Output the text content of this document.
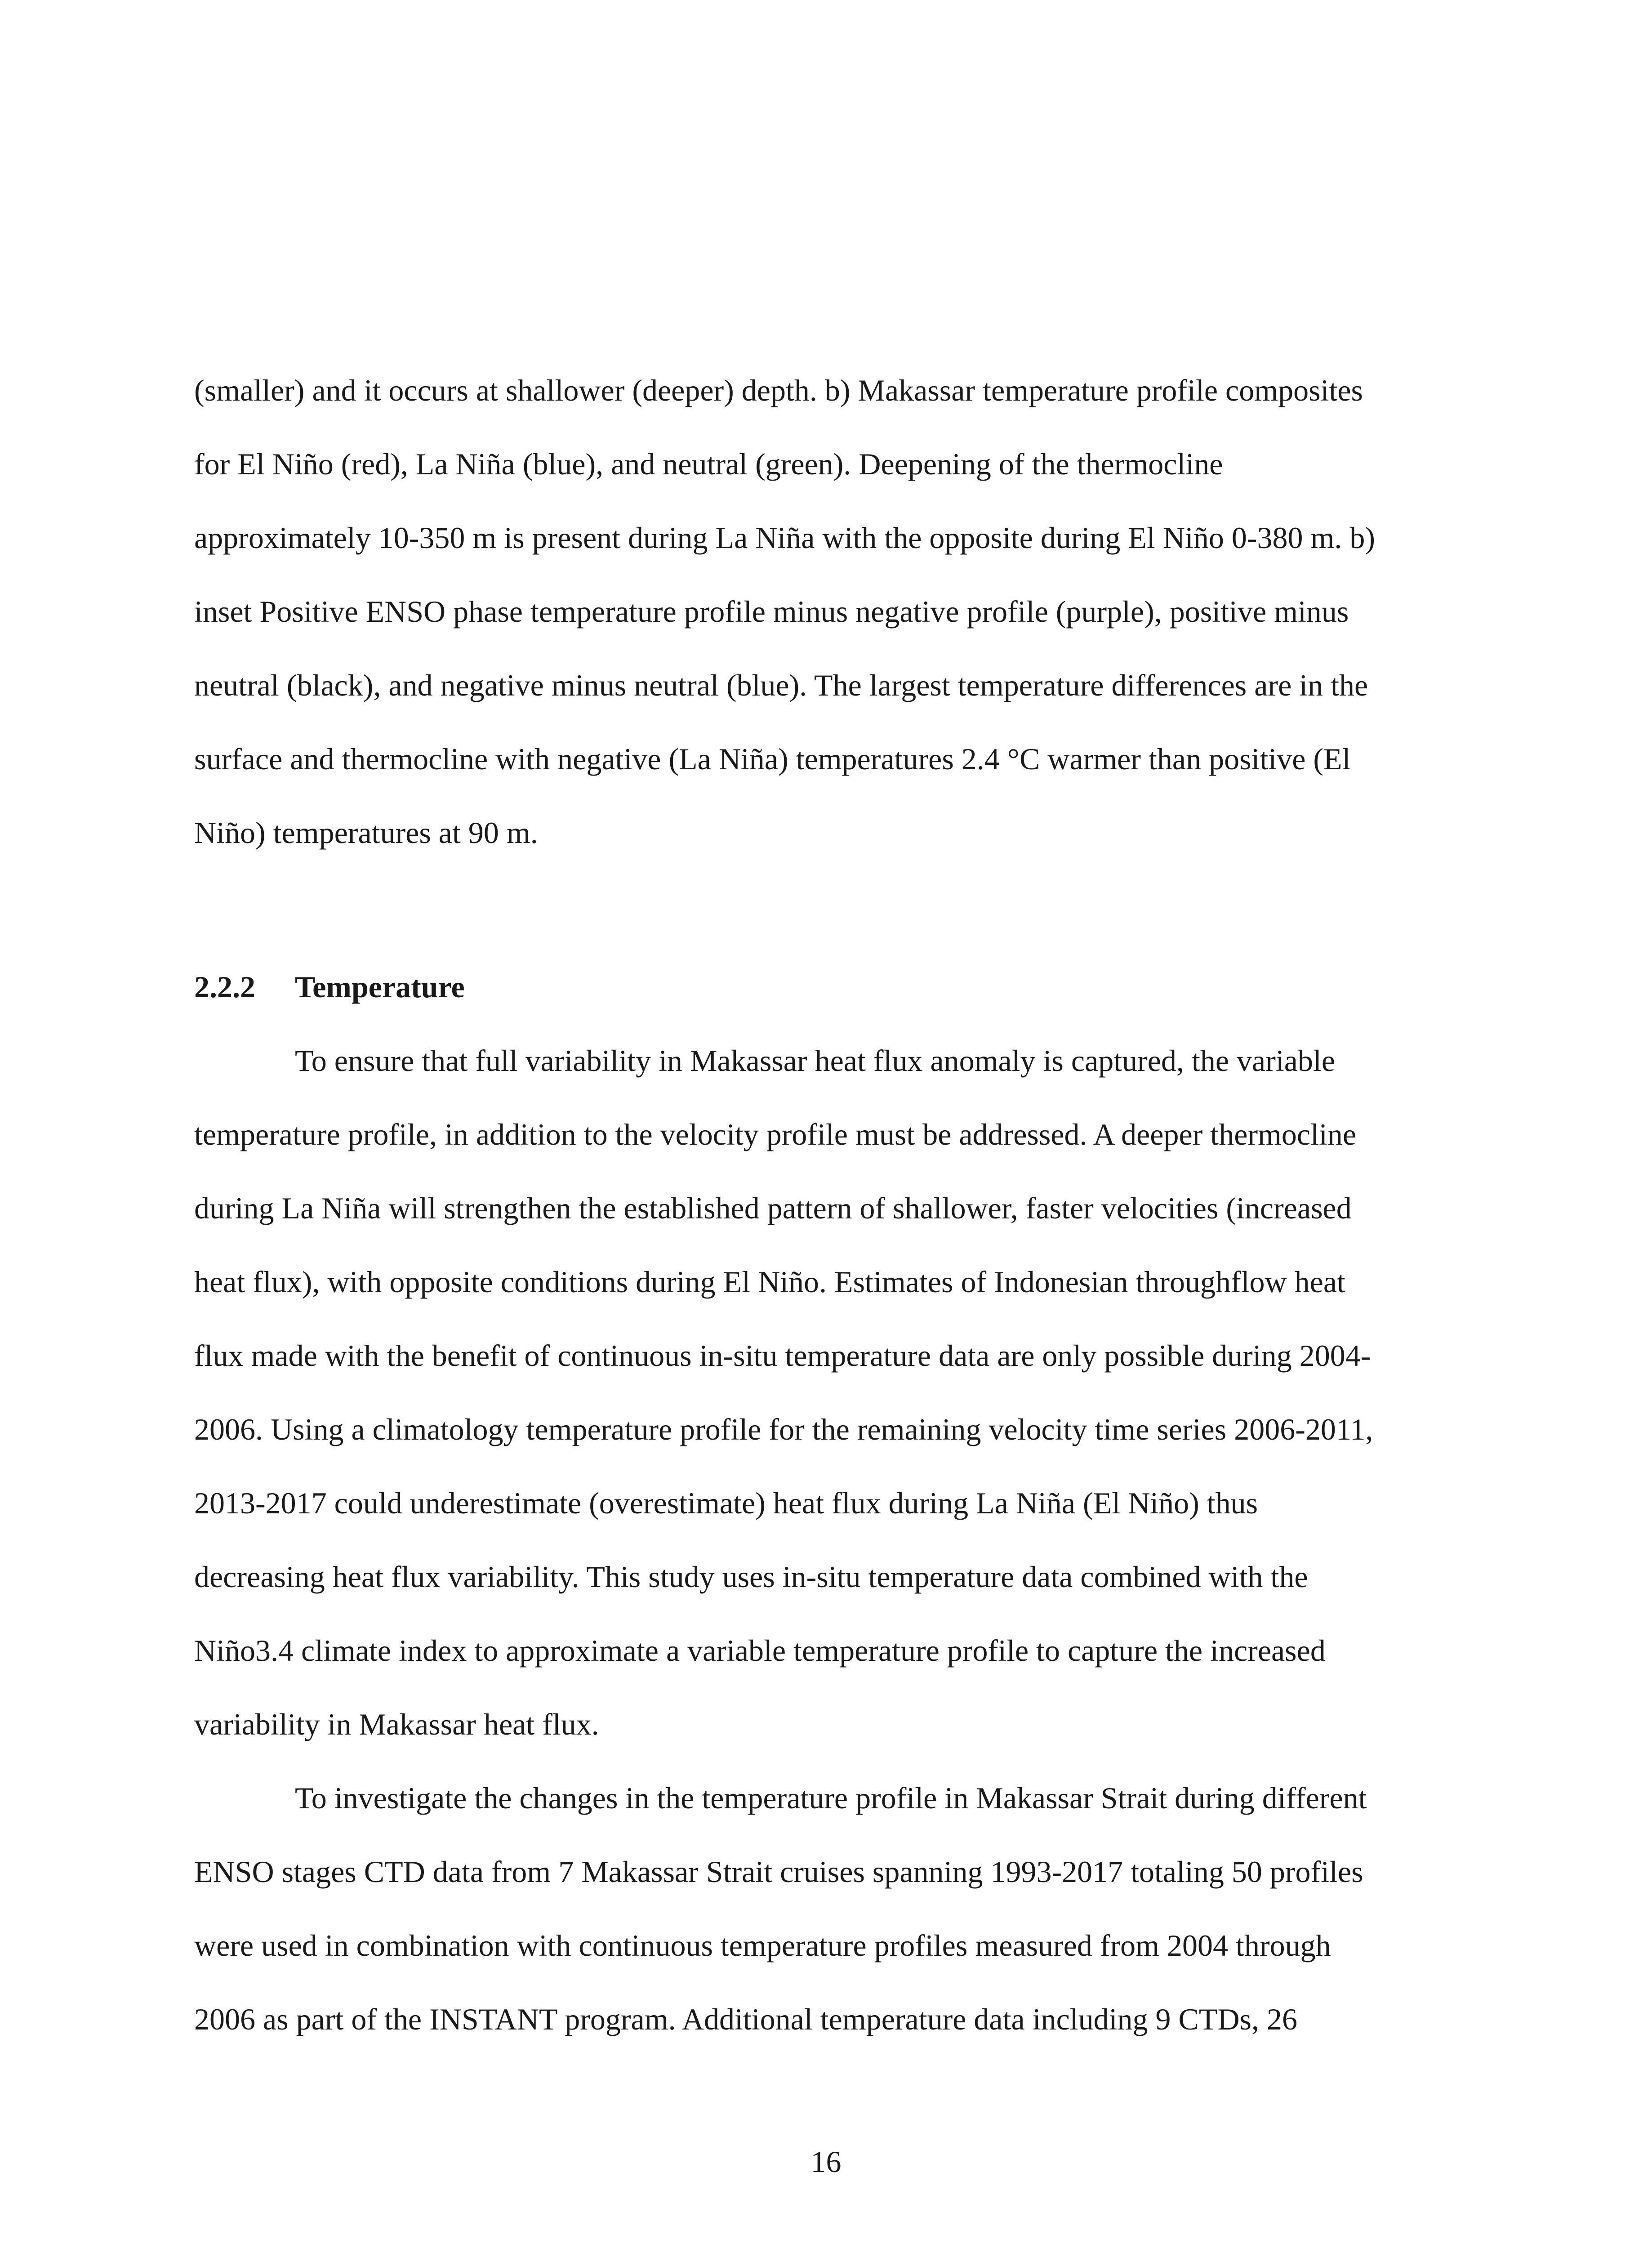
(smaller) and it occurs at shallower (deeper) depth. b) Makassar temperature profile composites
for El Niño (red), La Niña (blue), and neutral (green). Deepening of the thermocline
approximately 10-350 m is present during La Niña with the opposite during El Niño 0-380 m. b)
inset Positive ENSO phase temperature profile minus negative profile (purple), positive minus
neutral (black), and negative minus neutral (blue). The largest temperature differences are in the
surface and thermocline with negative (La Niña) temperatures 2.4 °C warmer than positive (El
Niño) temperatures at 90 m.
2.2.2 Temperature
To ensure that full variability in Makassar heat flux anomaly is captured, the variable
temperature profile, in addition to the velocity profile must be addressed. A deeper thermocline
during La Niña will strengthen the established pattern of shallower, faster velocities (increased
heat flux), with opposite conditions during El Niño. Estimates of Indonesian throughflow heat
flux made with the benefit of continuous in-situ temperature data are only possible during 2004-
2006. Using a climatology temperature profile for the remaining velocity time series 2006-2011,
2013-2017 could underestimate (overestimate) heat flux during La Niña (El Niño) thus
decreasing heat flux variability. This study uses in-situ temperature data combined with the
Niño3.4 climate index to approximate a variable temperature profile to capture the increased
variability in Makassar heat flux.
To investigate the changes in the temperature profile in Makassar Strait during different
ENSO stages CTD data from 7 Makassar Strait cruises spanning 1993-2017 totaling 50 profiles
were used in combination with continuous temperature profiles measured from 2004 through
2006 as part of the INSTANT program. Additional temperature data including 9 CTDs, 26
16
